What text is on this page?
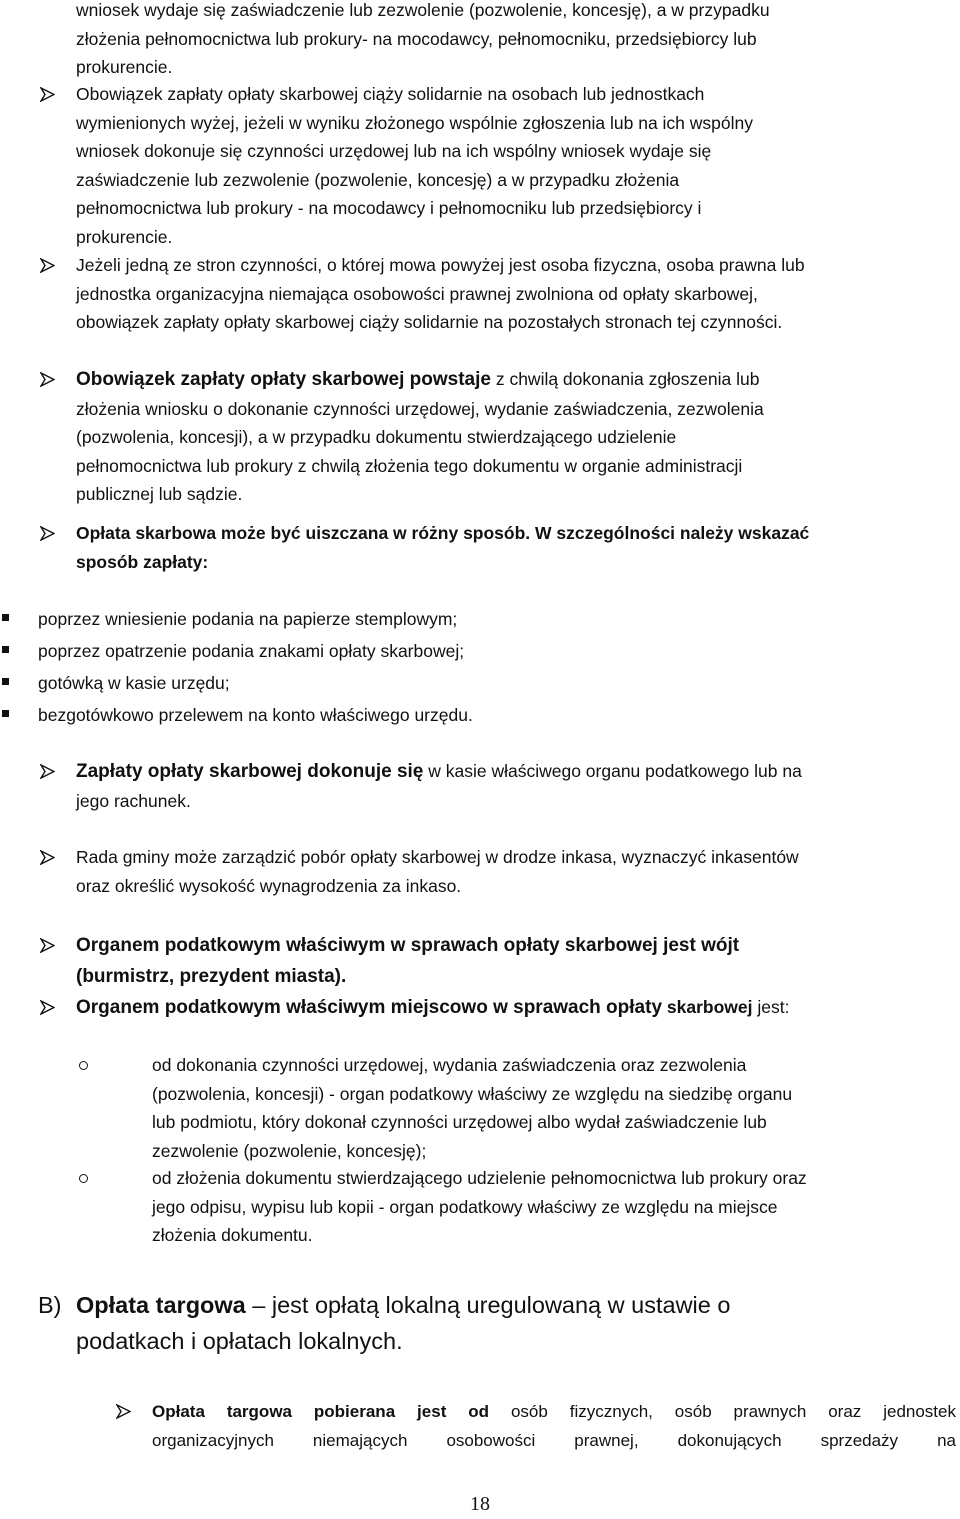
wniosek wydaje się zaświadczenie lub zezwolenie (pozwolenie, koncesję), a w przypadku

złożenia pełnomocnictwa lub prokury- na mocodawcy, pełnomocniku, przedsiębiorcy lub

prokurencie.

Obowiązek zapłaty opłaty skarbowej ciąży solidarnie na osobach lub jednostkach

wymienionych wyżej, jeżeli w wyniku złożonego wspólnie zgłoszenia lub na ich wspólny

wniosek dokonuje się czynności urzędowej lub na ich wspólny wniosek wydaje się

zaświadczenie lub zezwolenie (pozwolenie, koncesję) a w przypadku złożenia

pełnomocnictwa lub prokury - na mocodawcy i pełnomocniku lub przedsiębiorcy i

prokurencie.

Jeżeli jedną ze stron czynności, o której mowa powyżej jest osoba fizyczna, osoba prawna lub

jednostka organizacyjna niemająca osobowości prawnej zwolniona od opłaty skarbowej,

obowiązek zapłaty opłaty skarbowej ciąży solidarnie na pozostałych stronach tej czynności.

Obowiązek zapłaty opłaty skarbowej powstaje z chwilą dokonania zgłoszenia lub

złożenia wniosku o dokonanie czynności urzędowej, wydanie zaświadczenia, zezwolenia

(pozwolenia, koncesji), a w przypadku dokumentu stwierdzającego udzielenie

pełnomocnictwa lub prokury z chwilą złożenia tego dokumentu w organie administracji

publicznej lub sądzie.

Opłata skarbowa może być uiszczana w różny sposób. W szczególności należy wskazać

sposób zapłaty:

poprzez wniesienie podania na papierze stemplowym;

poprzez opatrzenie podania znakami opłaty skarbowej;

gotówką w kasie urzędu;

bezgotówkowo przelewem na konto właściwego urzędu.

Zapłaty opłaty skarbowej dokonuje się w kasie właściwego organu podatkowego lub na

jego rachunek.

Rada gminy może zarządzić pobór opłaty skarbowej w drodze inkasa, wyznaczyć inkasentów

oraz określić wysokość wynagrodzenia za inkaso.

Organem podatkowym właściwym w sprawach opłaty skarbowej jest wójt

(burmistrz, prezydent miasta).

Organem podatkowym właściwym miejscowo w sprawach opłaty skarbowej jest:

od dokonania czynności urzędowej, wydania zaświadczenia oraz zezwolenia

(pozwolenia, koncesji) - organ podatkowy właściwy ze względu na siedzibę organu

lub podmiotu, który dokonał czynności urzędowej albo wydał zaświadczenie lub

zezwolenie (pozwolenie, koncesję);

od złożenia dokumentu stwierdzającego udzielenie pełnomocnictwa lub prokury oraz

jego odpisu, wypisu lub kopii - organ podatkowy właściwy ze względu na miejsce

złożenia dokumentu.

B) Opłata targowa – jest opłatą lokalną uregulowaną w ustawie o

podatkach i opłatach lokalnych.

Opłata targowa pobierana jest od osób fizycznych, osób prawnych oraz jednostek

organizacyjnych niemających osobowości prawnej, dokonujących sprzedaży na

18
